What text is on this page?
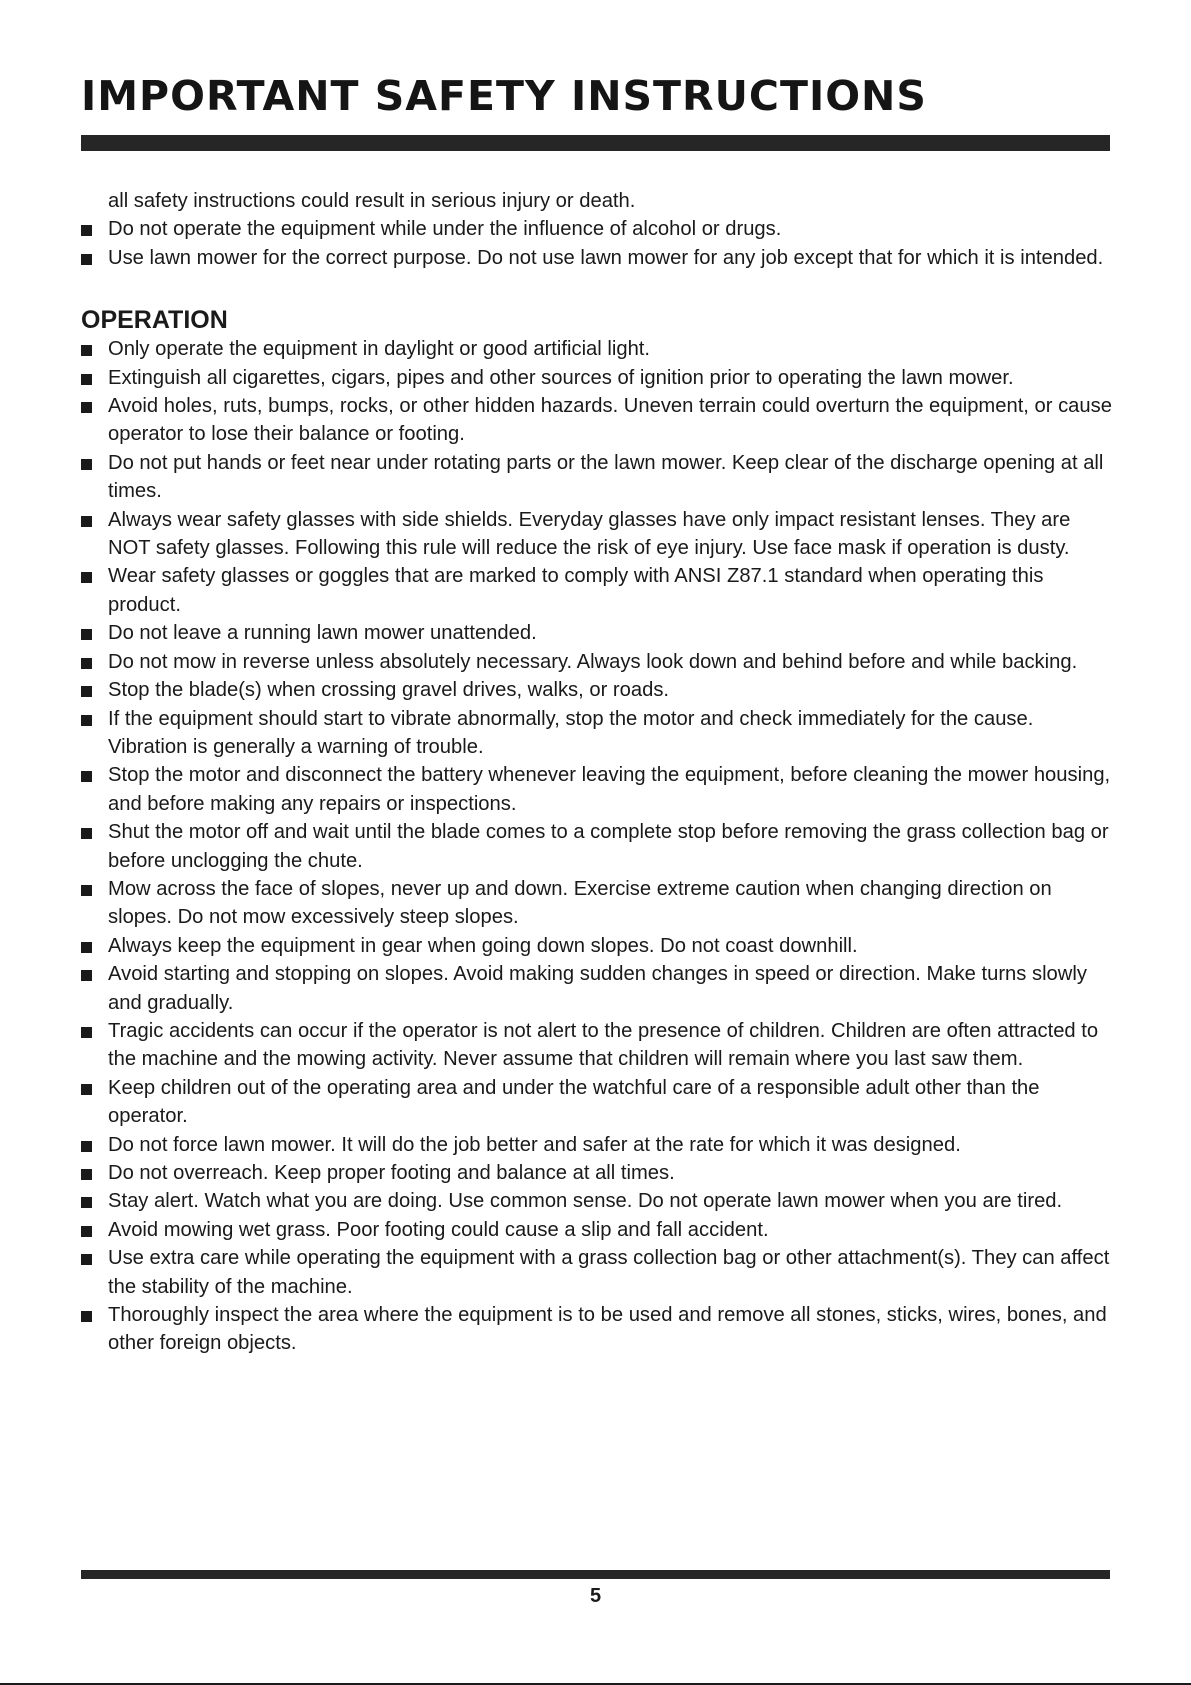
IMPORTANT SAFETY INSTRUCTIONS

all safety instructions could result in serious injury or death.

Do not operate the equipment while under the influence of alcohol or drugs.
Use lawn mower for the correct purpose. Do not use lawn mower for any job except that for which it is intended.
OPERATION
Only operate the equipment in daylight or good artificial light.
Extinguish all cigarettes, cigars, pipes and other sources of ignition prior to operating the lawn mower.
Avoid holes, ruts, bumps, rocks, or other hidden hazards. Uneven terrain could overturn the equipment, or cause operator to lose their balance or footing.
Do not put hands or feet near under rotating parts or the lawn mower. Keep clear of the discharge opening at all times.
Always wear safety glasses with side shields. Everyday glasses have only impact resistant lenses. They are NOT safety glasses. Following this rule will reduce the risk of eye injury. Use face mask if operation is dusty.
Wear safety glasses or goggles that are marked to comply with ANSI Z87.1 standard when operating this product.
Do not leave a running lawn mower unattended.
Do not mow in reverse unless absolutely necessary. Always look down and behind before and while backing.
Stop the blade(s) when crossing gravel drives, walks, or roads.
If the equipment should start to vibrate abnormally, stop the motor and check immediately for the cause. Vibration is generally a warning of trouble.
Stop the motor and disconnect the battery whenever leaving the equipment, before cleaning the mower housing, and before making any repairs or inspections.
Shut the motor off and wait until the blade comes to a complete stop before removing the grass collection bag or before unclogging the chute.
Mow across the face of slopes, never up and down. Exercise extreme caution when changing direction on slopes. Do not mow excessively steep slopes.
Always keep the equipment in gear when going down slopes. Do not coast downhill.
Avoid starting and stopping on slopes. Avoid making sudden changes in speed or direction. Make turns slowly and gradually.
Tragic accidents can occur if the operator is not alert to the presence of children. Children are often attracted to the machine and the mowing activity. Never assume that children will remain where you last saw them.
Keep children out of the operating area and under the watchful care of a responsible adult other than the operator.
Do not force lawn mower. It will do the job better and safer at the rate for which it was designed.
Do not overreach. Keep proper footing and balance at all times.
Stay alert. Watch what you are doing. Use common sense. Do not operate lawn mower when you are tired.
Avoid mowing wet grass. Poor footing could cause a slip and fall accident.
Use extra care while operating the equipment with a grass collection bag or other attachment(s). They can affect the stability of the machine.
Thoroughly inspect the area where the equipment is to be used and remove all stones, sticks, wires, bones, and other foreign objects.
5
